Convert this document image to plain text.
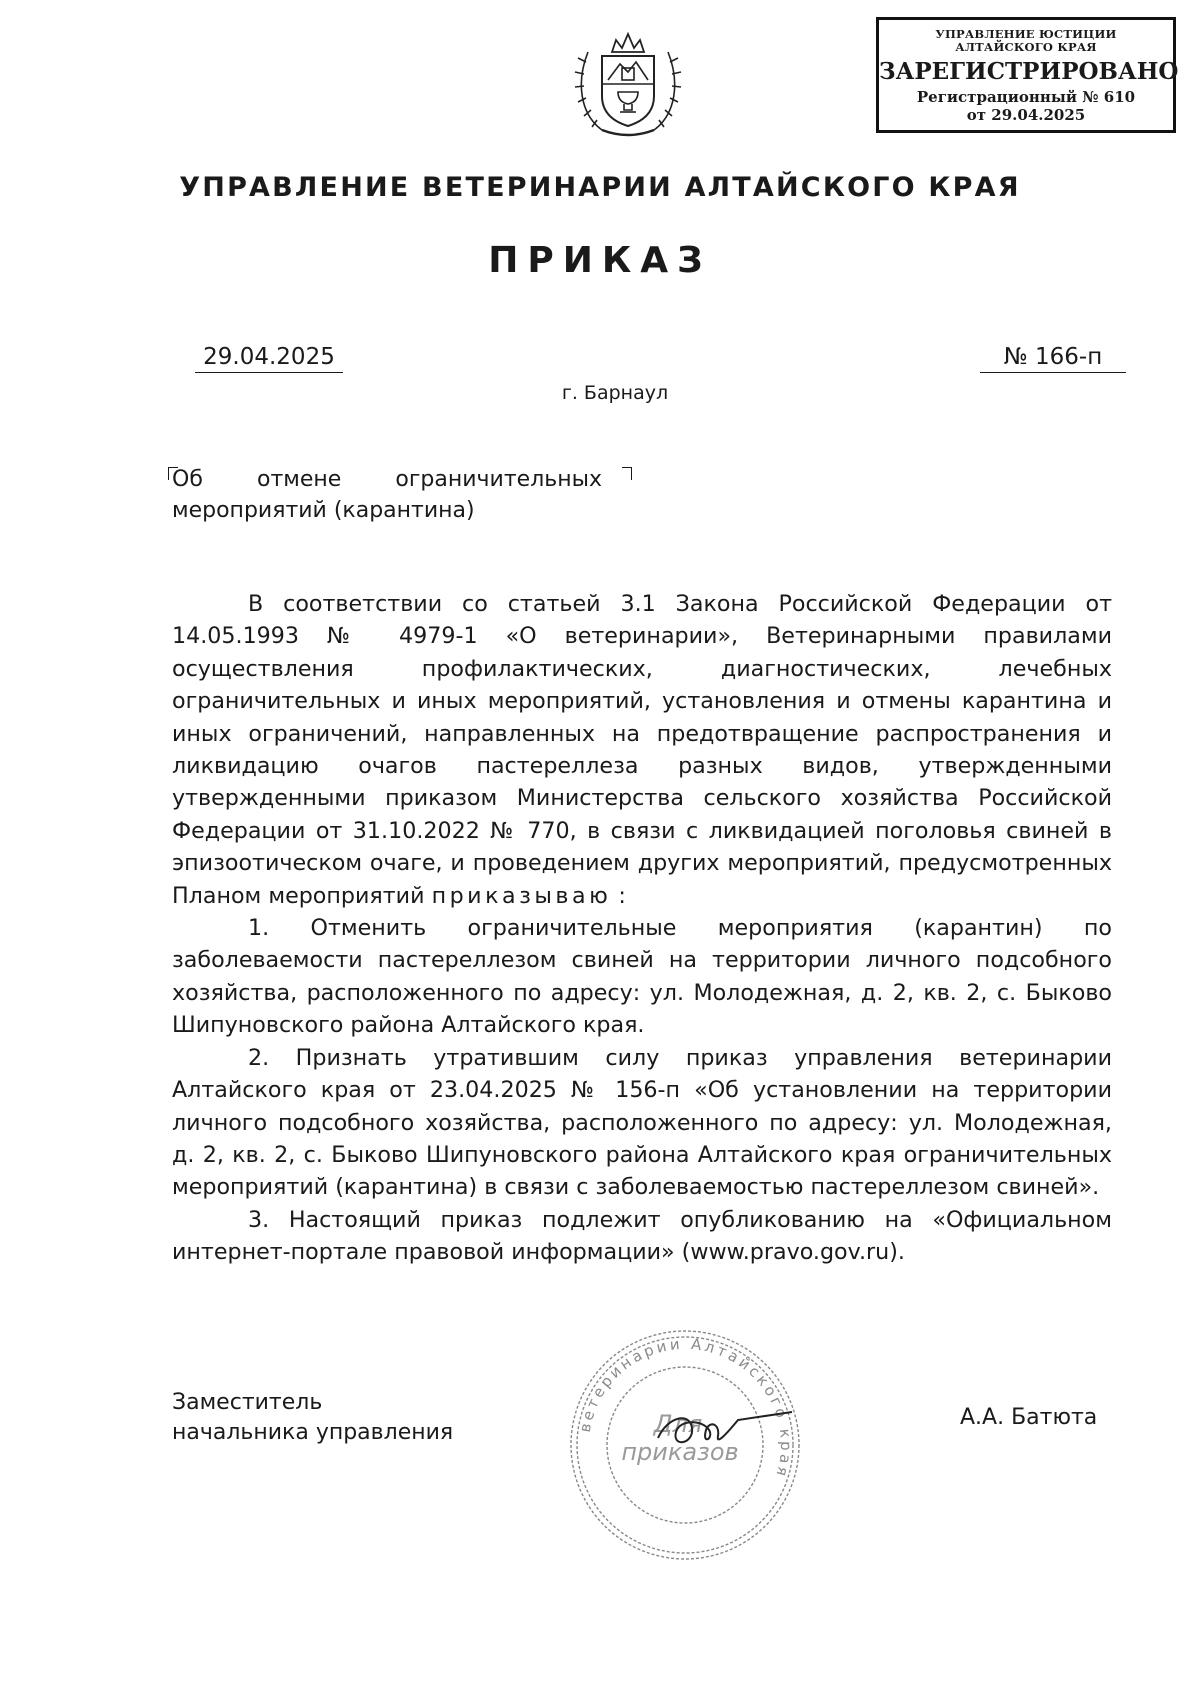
УПРАВЛЕНИЕ ЮСТИЦИИ
АЛТАЙСКОГО КРАЯ
ЗАРЕГИСТРИРОВАНО
Регистрационный № 610
от 29.04.2025
УПРАВЛЕНИЕ ВЕТЕРИНАРИИ АЛТАЙСКОГО КРАЯ
ПРИКАЗ
29.04.2025	№ 166-п
г. Барнаул
Об отмене ограничительных
мероприятий (карантина)

В соответствии со статьей 3.1 Закона Российской Федерации от 14.05.1993 № 4979-1 «О ветеринарии», Ветеринарными правилами осуществления профилактических, диагностических, лечебных ограничительных и иных мероприятий, установления и отмены карантина и иных ограничений, направленных на предотвращение распространения и ликвидацию очагов пастереллеза разных видов, утвержденными утвержденными приказом Министерства сельского хозяйства Российской Федерации от 31.10.2022 № 770, в связи с ликвидацией поголовья свиней в эпизоотическом очаге, и проведением других мероприятий, предусмотренных Планом мероприятий приказываю :

1. Отменить ограничительные мероприятия (карантин) по заболеваемости пастереллезом свиней на территории личного подсобного хозяйства, расположенного по адресу: ул. Молодежная, д. 2, кв. 2, с. Быково Шипуновского района Алтайского края.

2. Признать утратившим силу приказ управления ветеринарии Алтайского края от 23.04.2025 № 156-п «Об установлении на территории личного подсобного хозяйства, расположенного по адресу: ул. Молодежная, д. 2, кв. 2, с. Быково Шипуновского района Алтайского края ограничительных мероприятий (карантина) в связи с заболеваемостью пастереллезом свиней».

3. Настоящий приказ подлежит опубликованию на «Официальном интернет-портале правовой информации» (www.pravo.gov.ru).

Заместитель
начальника управления	ветеринарии Алтайского края
Для
приказов
А.А. Батюта
